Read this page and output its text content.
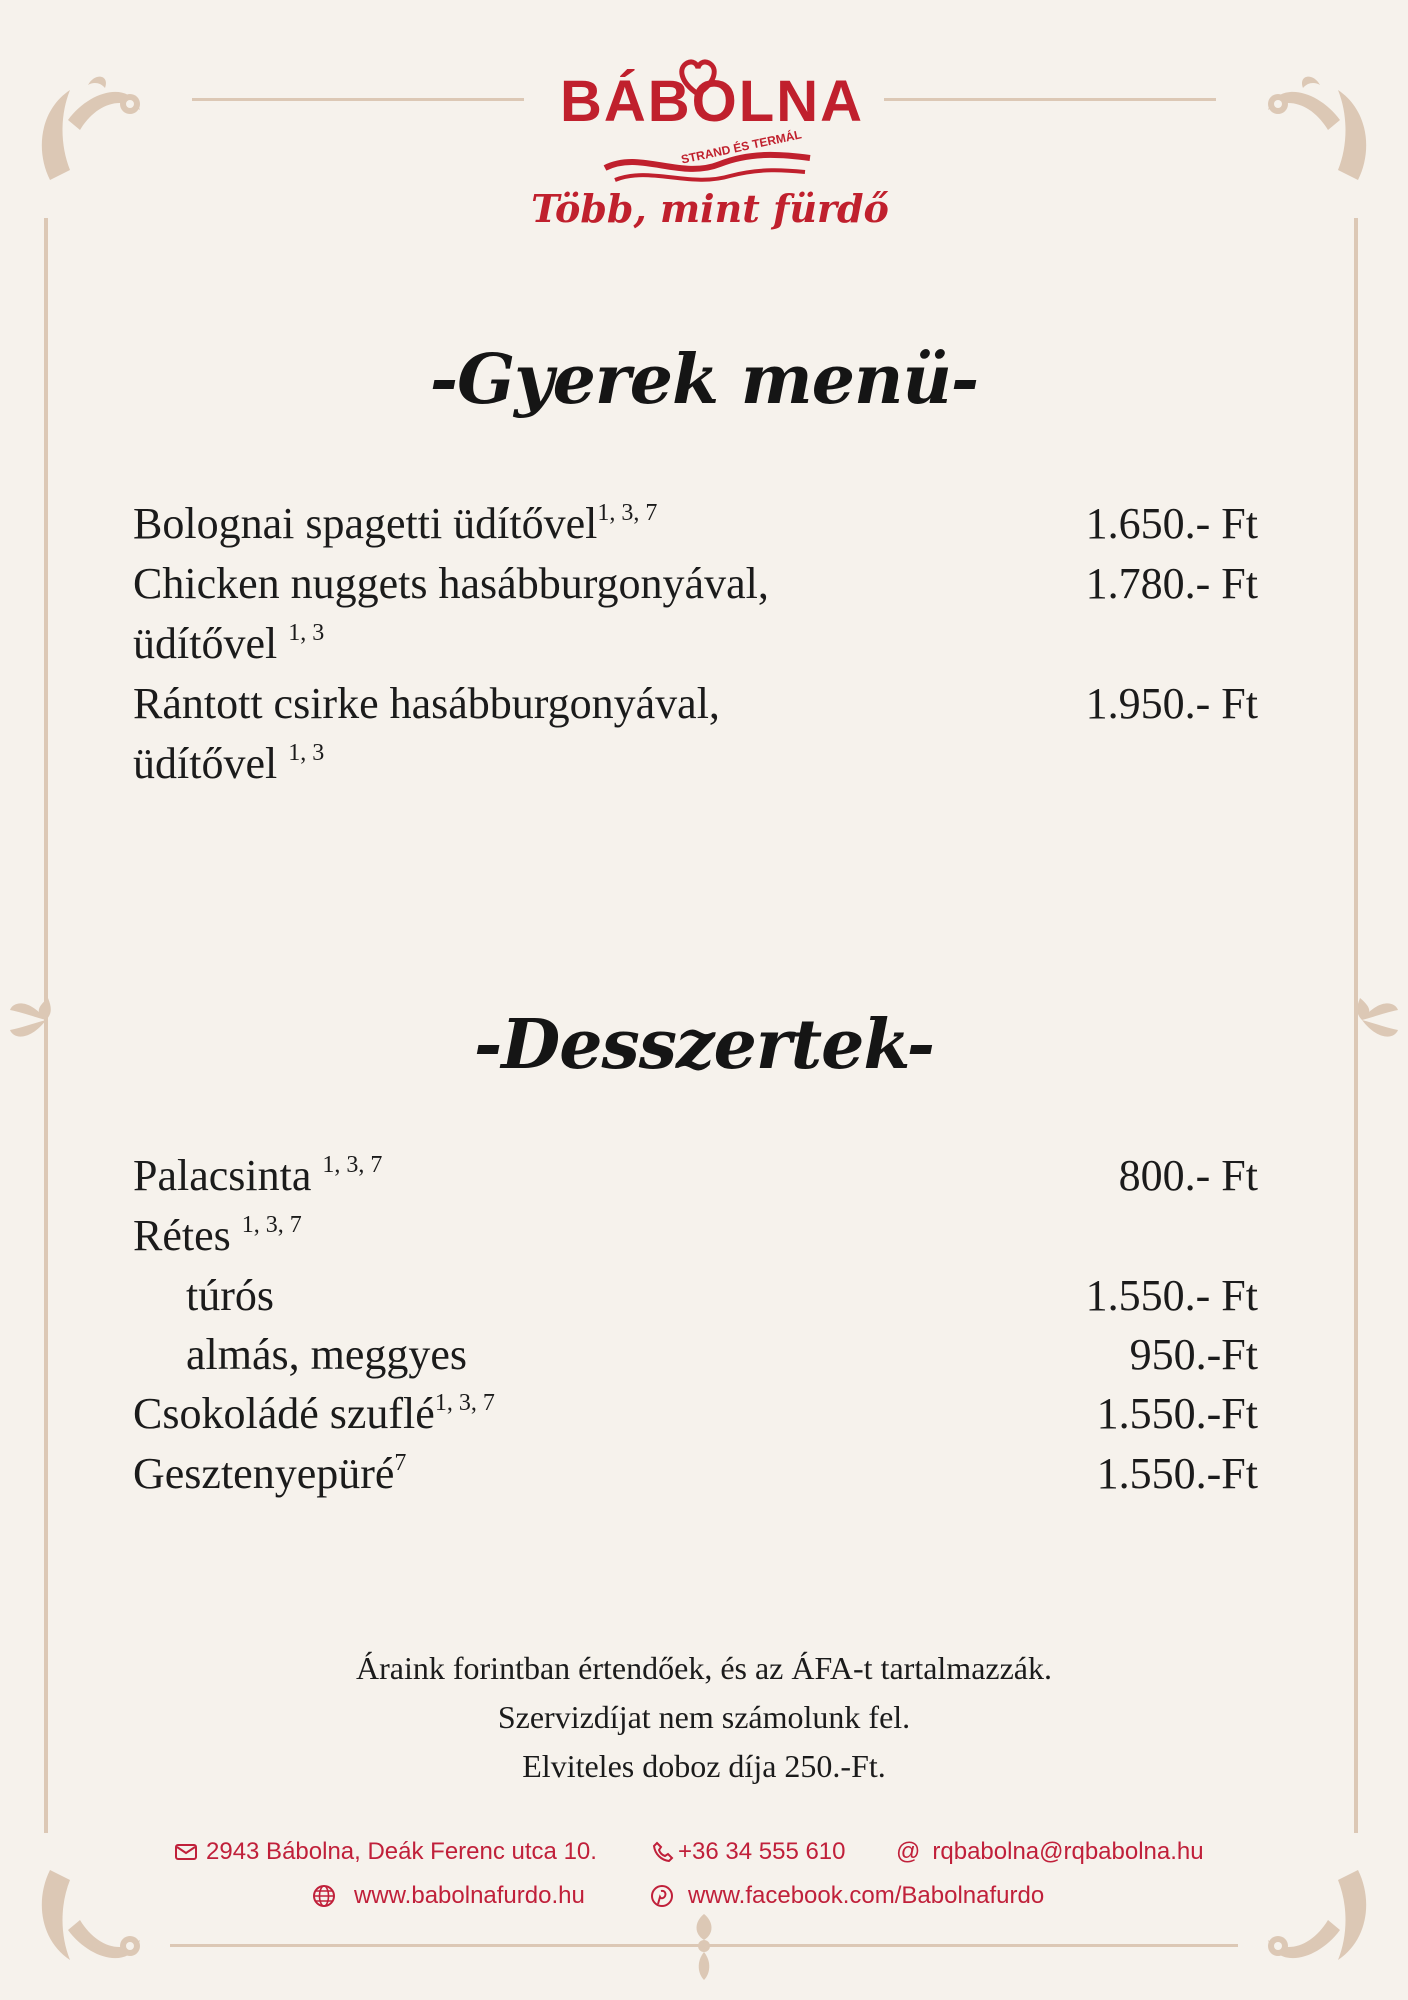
BÁBOLNA
STRAND ÉS TERMÁL
Több, mint fürdő
-Gyerek menü-
Bolognai spagetti üdítővel$^{1, 3, 7}$	1.650.- Ft
Chicken nuggets hasábburgonyával,	1.780.- Ft
üdítővel $^{1, 3}$
Rántott csirke hasábburgonyával,	1.950.- Ft
üdítővel $^{1, 3}$
-Desszertek-
Palacsinta $^{1, 3, 7}$	800.- Ft
Rétes $^{1, 3, 7}$
túrós	1.550.- Ft
almás, meggyes	950.-Ft
Csokoládé szuflé$^{1, 3, 7}$	1.550.-Ft
Gesztenyepüré$^7$	1.550.-Ft
Áraink forintban értendőek, és az ÁFA-t tartalmazzák.
Szervizdíjat nem számolunk fel.
Elviteles doboz díja 250.-Ft.
2943 Bábolna, Deák Ferenc utca 10.	+36 34 555 610 @ rqbabolna@rqbabolna.hu
www.babolnafurdo.hu	www.facebook.com/Babolnafurdo
